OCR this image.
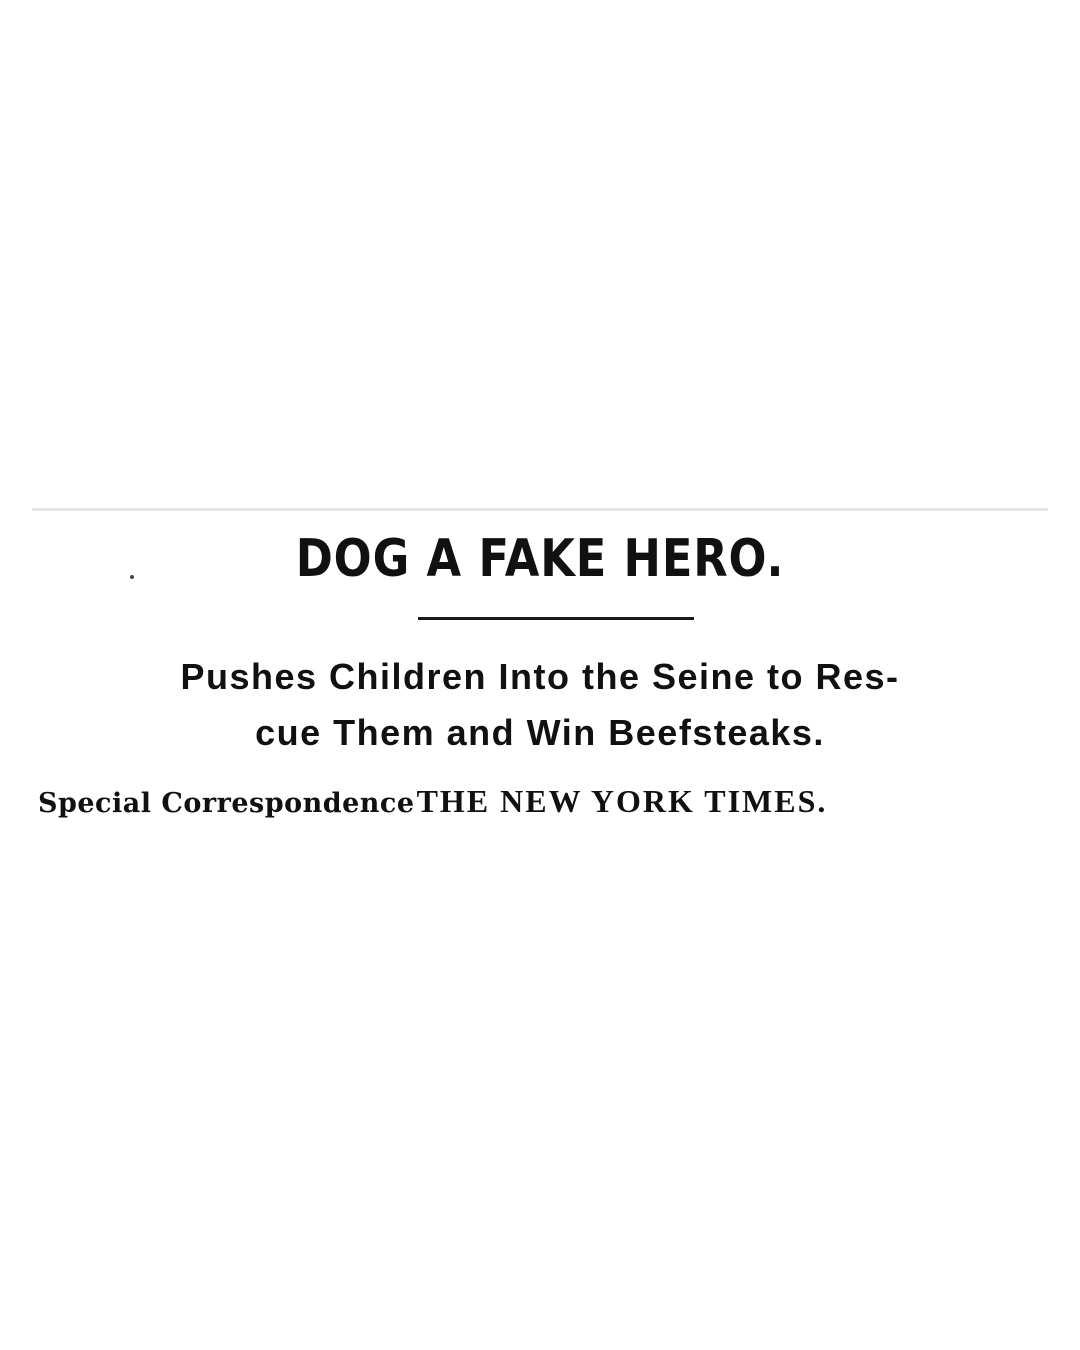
DOG A FAKE HERO.
Pushes Children Into the Seine to Res-
cue Them and Win Beefsteaks.
Special CorrespondenceTHE NEW YORK TIMES.
